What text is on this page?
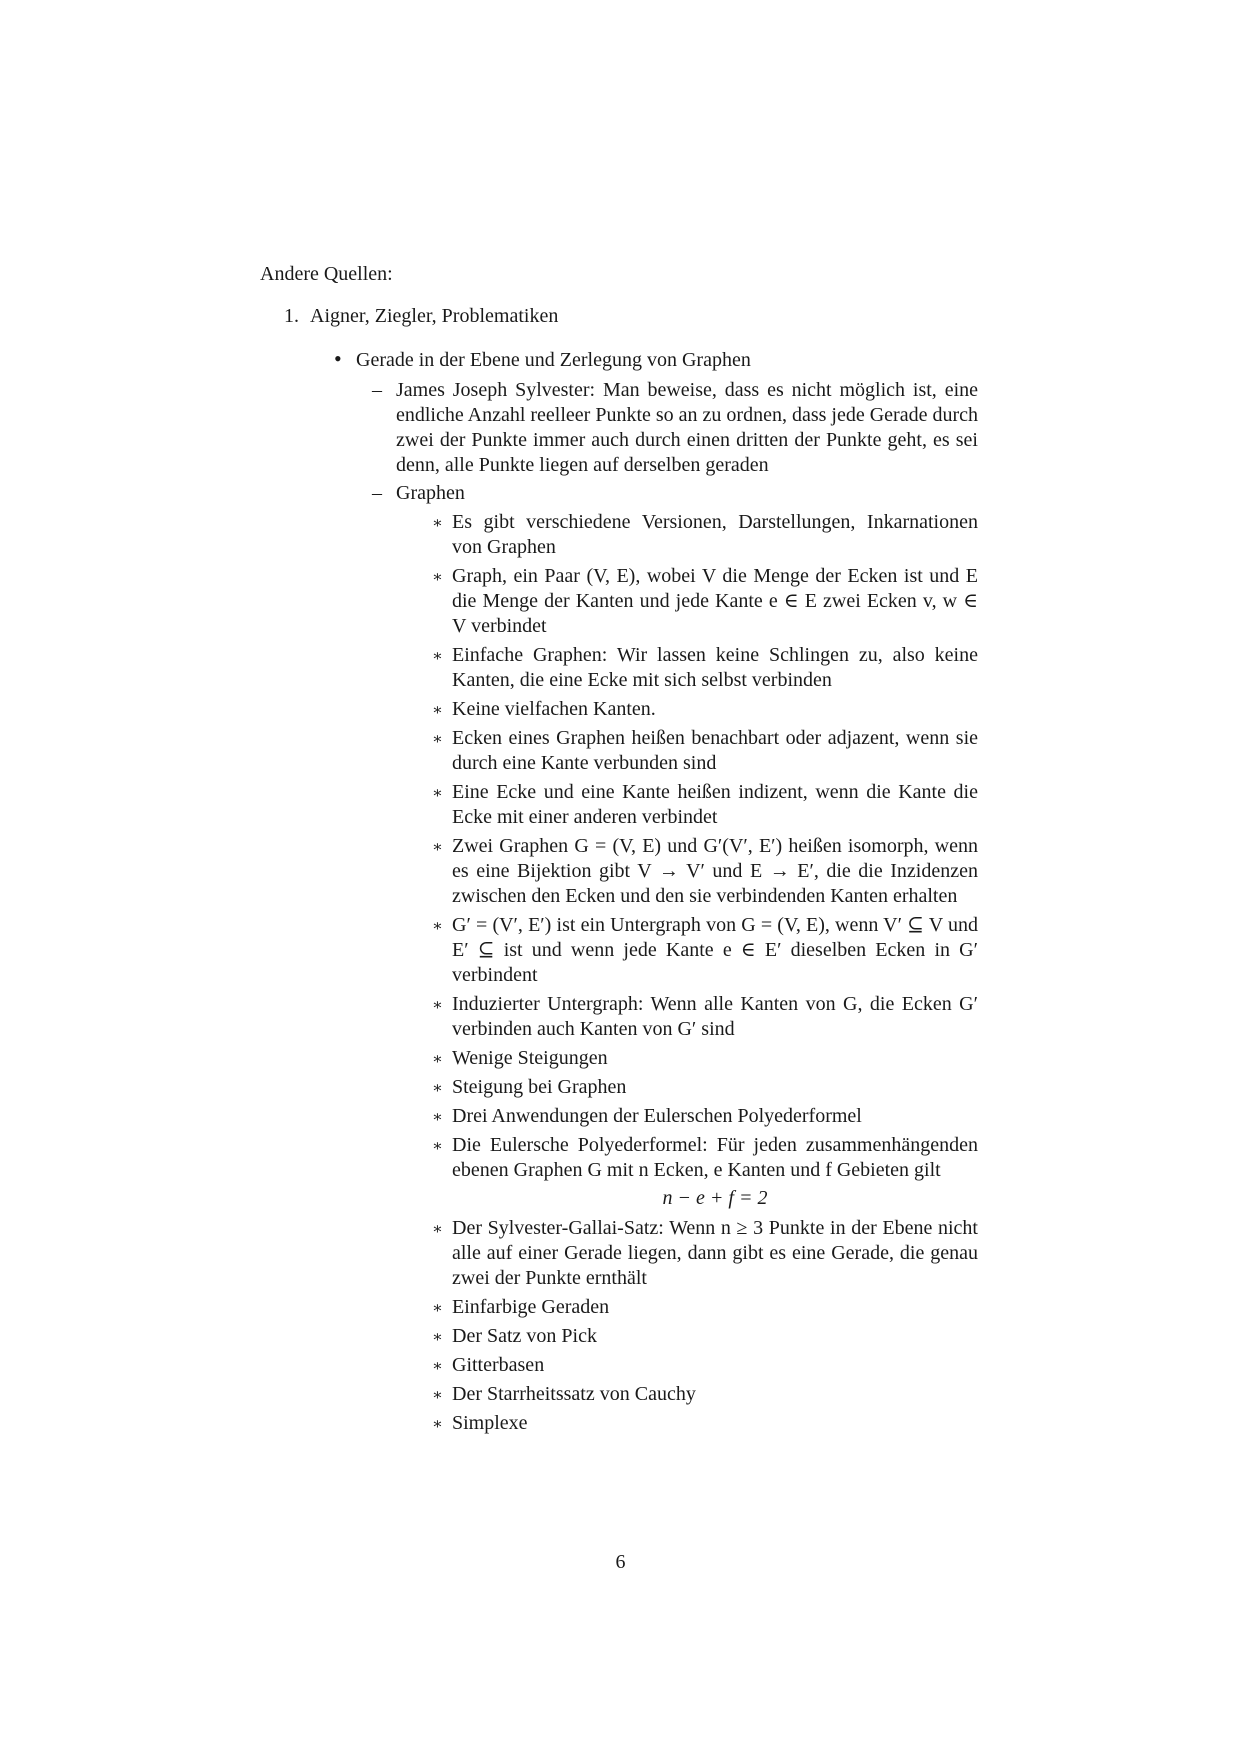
Andere Quellen:

1. Aigner, Ziegler, Problematiken
• Gerade in der Ebene und Zerlegung von Graphen
– James Joseph Sylvester: Man beweise, dass es nicht möglich ist, eine endliche Anzahl reelleer Punkte so an zu ordnen, dass jede Gerade durch zwei der Punkte immer auch durch einen dritten der Punkte geht, es sei denn, alle Punkte liegen auf derselben geraden
– Graphen
∗ Es gibt verschiedene Versionen, Darstellungen, Inkarnationen von Graphen
∗ Graph, ein Paar (V, E), wobei V die Menge der Ecken ist und E die Menge der Kanten und jede Kante e ∈ E zwei Ecken v, w ∈ V verbindet
∗ Einfache Graphen: Wir lassen keine Schlingen zu, also keine Kanten, die eine Ecke mit sich selbst verbinden
∗ Keine vielfachen Kanten.
∗ Ecken eines Graphen heißen benachbart oder adjazent, wenn sie durch eine Kante verbunden sind
∗ Eine Ecke und eine Kante heißen indizent, wenn die Kante die Ecke mit einer anderen verbindet
∗ Zwei Graphen G = (V, E) und G′(V′, E′) heißen isomorph, wenn es eine Bijektion gibt V → V′ und E → E′, die die Inzidenzen zwischen den Ecken und den sie verbindenden Kanten erhalten
∗ G′ = (V′, E′) ist ein Untergraph von G = (V, E), wenn V′ ⊆ V und E′ ⊆ ist und wenn jede Kante e ∈ E′ dieselben Ecken in G′ verbindent
∗ Induzierter Untergraph: Wenn alle Kanten von G, die Ecken G′ verbinden auch Kanten von G′ sind
∗ Wenige Steigungen
∗ Steigung bei Graphen
∗ Drei Anwendungen der Eulerschen Polyederformel
∗ Die Eulersche Polyederformel: Für jeden zusammenhängenden ebenen Graphen G mit n Ecken, e Kanten und f Gebieten gilt
n − e + f = 2
∗ Der Sylvester-Gallai-Satz: Wenn n ≥ 3 Punkte in der Ebene nicht alle auf einer Gerade liegen, dann gibt es eine Gerade, die genau zwei der Punkte ernthält
∗ Einfarbige Geraden
∗ Der Satz von Pick
∗ Gitterbasen
∗ Der Starrheitssatz von Cauchy
∗ Simplexe
6
